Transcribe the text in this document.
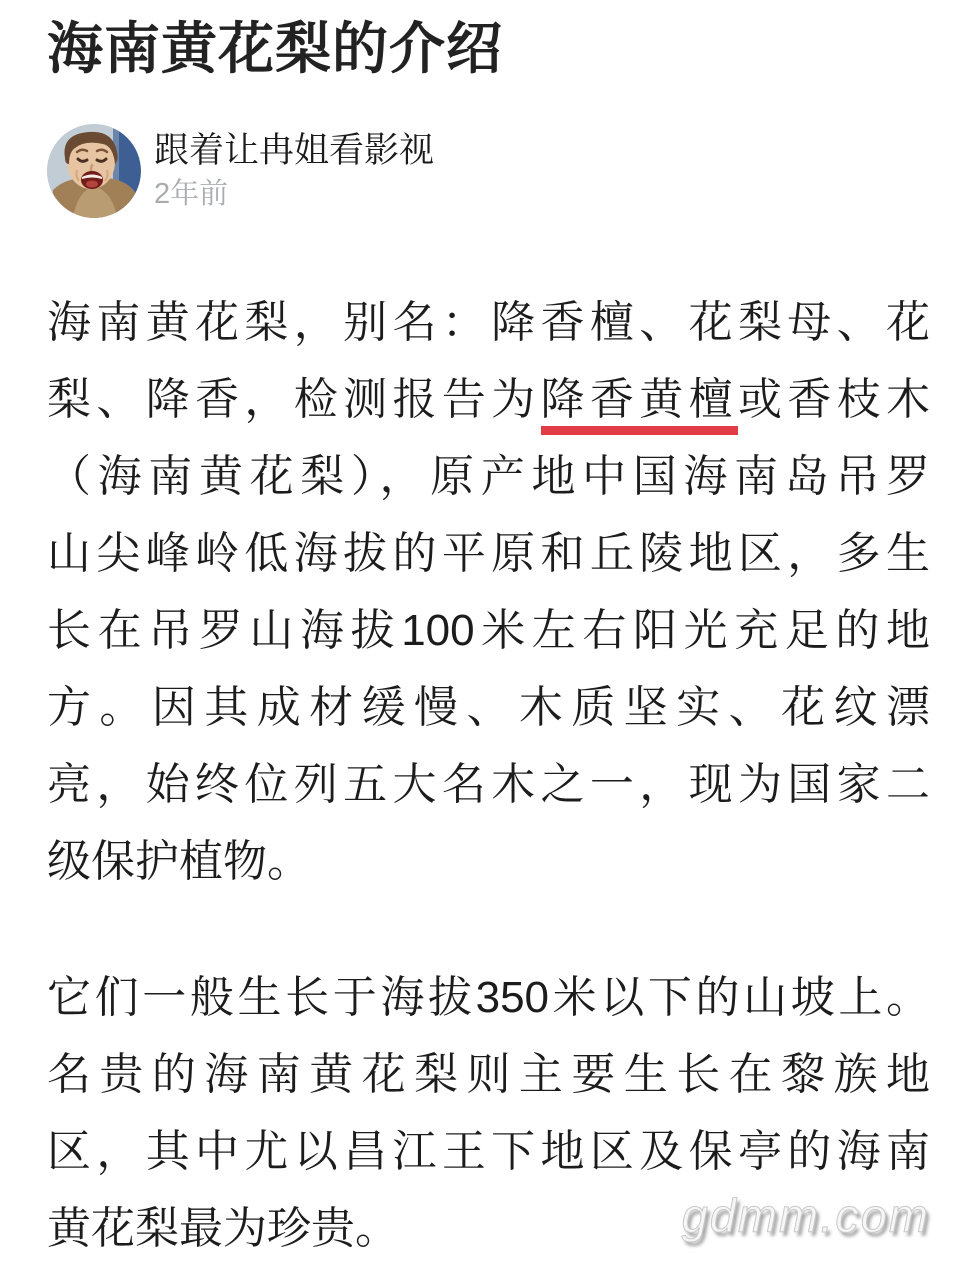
海南黄花梨的介绍
跟着让冉姐看影视
2年前
海南黄花梨，别名：降香檀、花梨母、花
梨、降香，检测报告为降香黄檀或香枝木
（海南黄花梨），原产地中国海南岛吊罗
山尖峰岭低海拔的平原和丘陵地区，多生
长在吊罗山海拔100米左右阳光充足的地
方。因其成材缓慢、木质坚实、花纹漂
亮，始终位列五大名木之一，现为国家二
级保护植物。
它们一般生长于海拔350米以下的山坡上。
名贵的海南黄花梨则主要生长在黎族地
区，其中尤以昌江王下地区及保亭的海南
黄花梨最为珍贵。	gdmm.com
